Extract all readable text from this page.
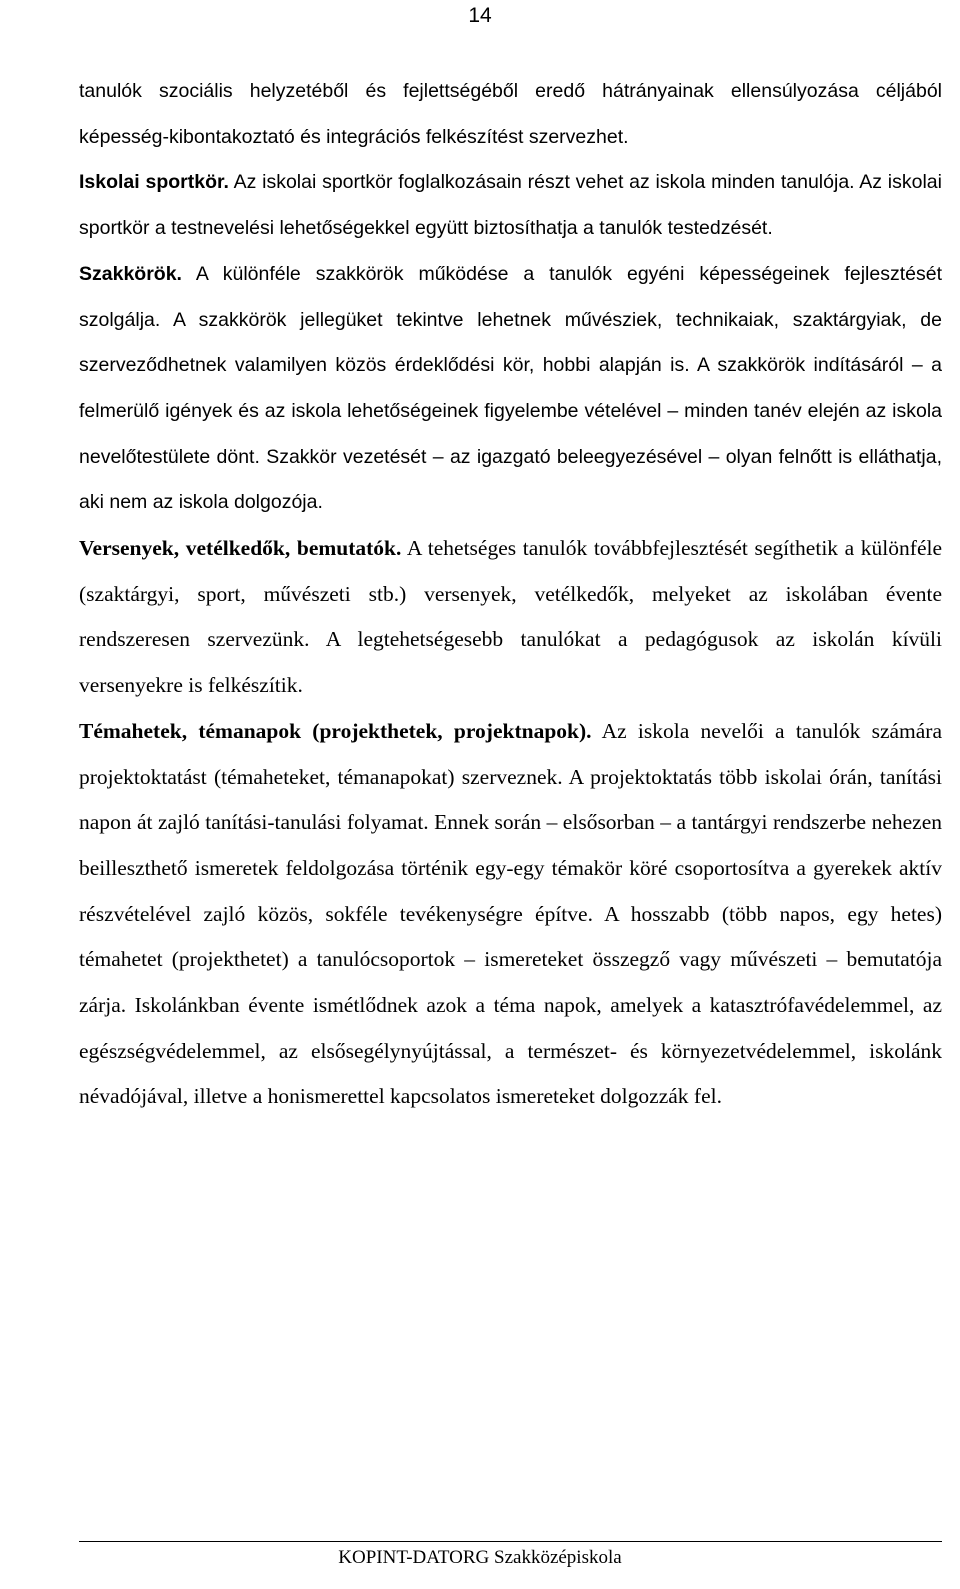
14

tanulók szociális helyzetéből és fejlettségéből eredő hátrányainak ellensúlyozása céljából képesség-kibontakoztató és integrációs felkészítést szervezhet.

Iskolai sportkör. Az iskolai sportkör foglalkozásain részt vehet az iskola minden tanulója. Az iskolai sportkör a testnevelési lehetőségekkel együtt biztosíthatja a tanulók testedzését.

Szakkörök. A különféle szakkörök működése a tanulók egyéni képességeinek fejlesztését szolgálja. A szakkörök jellegüket tekintve lehetnek művésziek, technikaiak, szaktárgyiak, de szerveződhetnek valamilyen közös érdeklődési kör, hobbi alapján is. A szakkörök indításáról – a felmerülő igények és az iskola lehetőségeinek figyelembe vételével – minden tanév elején az iskola nevelőtestülete dönt. Szakkör vezetését – az igazgató beleegyezésével – olyan felnőtt is elláthatja, aki nem az iskola dolgozója.

Versenyek, vetélkedők, bemutatók. A tehetséges tanulók továbbfejlesztését segíthetik a különféle (szaktárgyi, sport, művészeti stb.) versenyek, vetélkedők, melyeket az iskolában évente rendszeresen szervezünk. A legtehetségesebb tanulókat a pedagógusok az iskolán kívüli versenyekre is felkészítik.

Témahetek, témanapok (projekthetek, projektnapok). Az iskola nevelői a tanulók számára projektoktatást (témaheteket, témanapokat) szerveznek. A projektoktatás több iskolai órán, tanítási napon át zajló tanítási-tanulási folyamat. Ennek során – elsősorban – a tantárgyi rendszerbe nehezen beilleszthető ismeretek feldolgozása történik egy-egy témakör köré csoportosítva a gyerekek aktív részvételével zajló közös, sokféle tevékenységre építve. A hosszabb (több napos, egy hetes) témahetet (projekthetet) a tanulócsoportok – ismereteket összegző vagy művészeti – bemutatója zárja. Iskolánkban évente ismétlődnek azok a téma napok, amelyek a katasztrófavédelemmel, az egészségvédelemmel, az elsősegélynyújtással, a természet- és környezetvédelemmel, iskolánk névadójával, illetve a honismerettel kapcsolatos ismereteket dolgozzák fel.

KOPINT-DATORG Szakközépiskola
